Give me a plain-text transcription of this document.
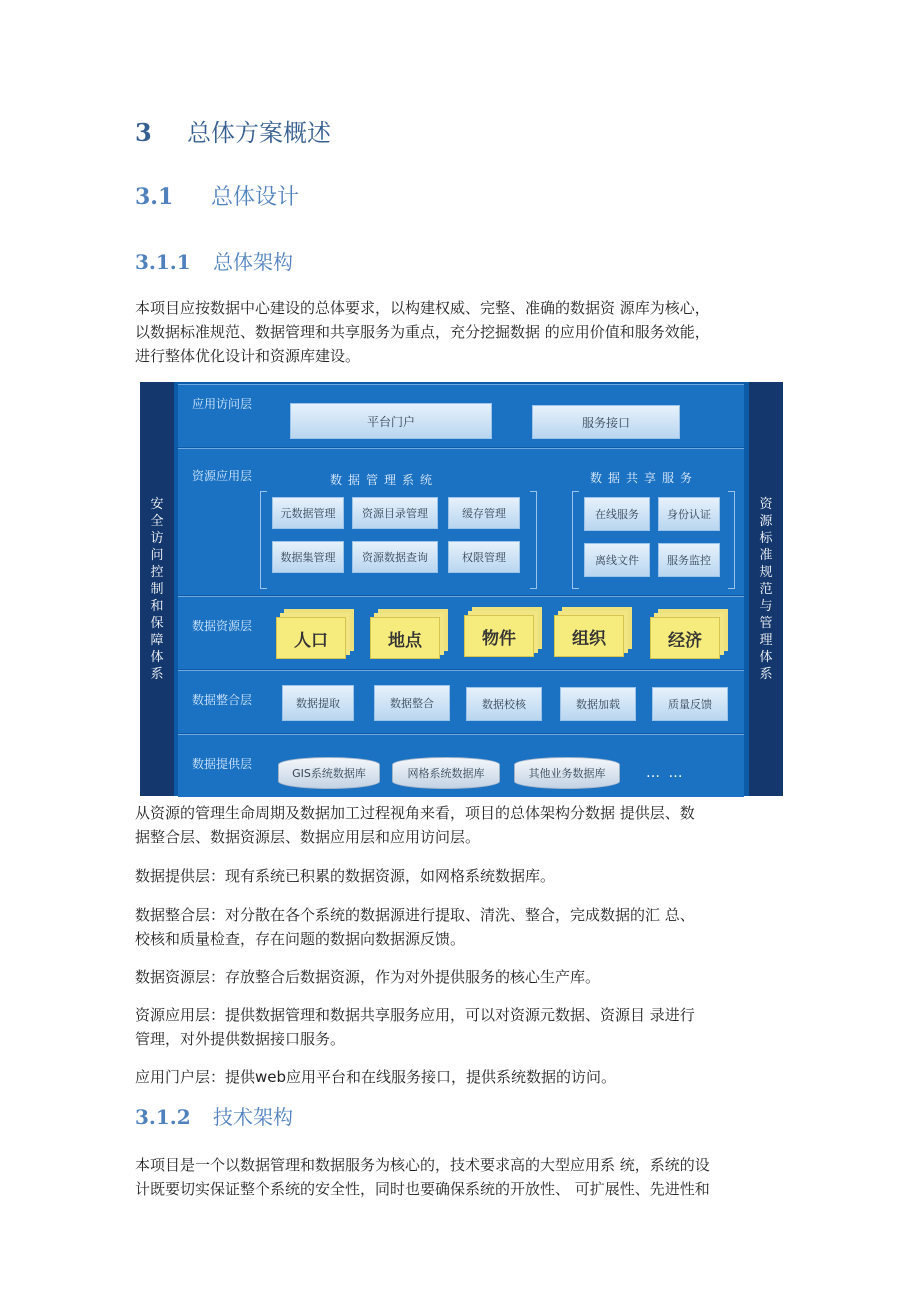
3 总体方案概述
3.1 总体设计
3.1.1 总体架构
本项目应按数据中心建设的总体要求，以构建权威、完整、准确的数据资 源库为核心，
以数据标准规范、数据管理和共享服务为重点，充分挖掘数据 的应用价值和服务效能，
进行整体优化设计和资源库建设。
安全访问控制和保障体系
资源标准规范与管理体系
应用访问层
平台门户	服务接口
资源应用层	数据管理系统	数据共享服务
元数据管理	资源目录管理	缓存管理
数据集管理	资源数据查询	权限管理
在线服务	身份认证
离线文件	服务监控
数据资源层
人口	地点	物件	组织	经济
数据整合层	数据提取	数据整合	数据校核	数据加载	质量反馈
数据提供层
GIS系统数据库	网格系统数据库	其他业务数据库	… …
从资源的管理生命周期及数据加工过程视角来看，项目的总体架构分数据 提供层、数
据整合层、数据资源层、数据应用层和应用访问层。
数据提供层：现有系统已积累的数据资源，如网格系统数据库。
数据整合层：对分散在各个系统的数据源进行提取、清洗、整合，完成数据的汇 总、
校核和质量检查，存在问题的数据向数据源反馈。
数据资源层：存放整合后数据资源，作为对外提供服务的核心生产库。
资源应用层：提供数据管理和数据共享服务应用，可以对资源元数据、资源目 录进行
管理，对外提供数据接口服务。
应用门户层：提供web应用平台和在线服务接口，提供系统数据的访问。
3.1.2 技术架构
本项目是一个以数据管理和数据服务为核心的，技术要求高的大型应用系 统，系统的设
计既要切实保证整个系统的安全性，同时也要确保系统的开放性、 可扩展性、先进性和
